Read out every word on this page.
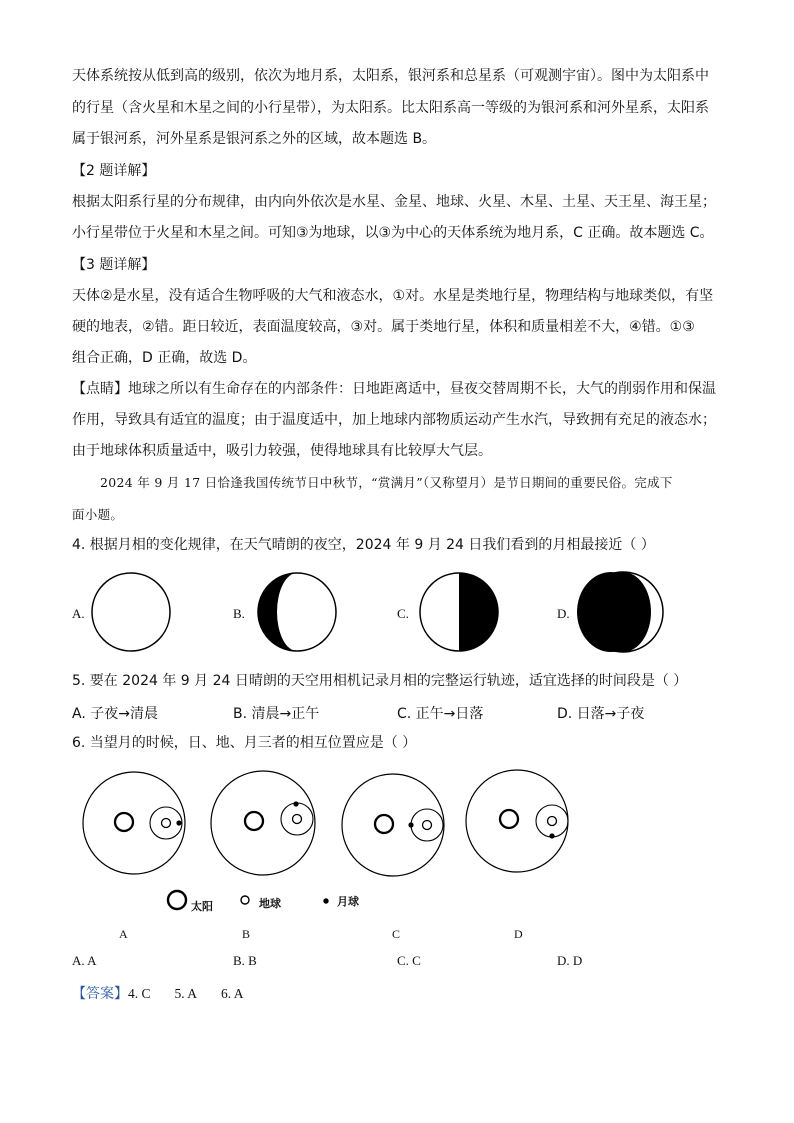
天体系统按从低到高的级别，依次为地月系，太阳系，银河系和总星系（可观测宇宙）。图中为太阳系中
的行星（含火星和木星之间的小行星带），为太阳系。比太阳系高一等级的为银河系和河外星系，太阳系
属于银河系，河外星系是银河系之外的区域，故本题选 B。
【2 题详解】
根据太阳系行星的分布规律，由内向外依次是水星、金星、地球、火星、木星、土星、天王星、海王星；
小行星带位于火星和木星之间。可知③为地球，以③为中心的天体系统为地月系，C 正确。故本题选 C。
【3 题详解】
天体②是水星，没有适合生物呼吸的大气和液态水，①对。水星是类地行星，物理结构与地球类似，有坚
硬的地表，②错。距日较近，表面温度较高，③对。属于类地行星，体积和质量相差不大，④错。①③
组合正确，D 正确，故选 D。
【点睛】地球之所以有生命存在的内部条件：日地距离适中，昼夜交替周期不长，大气的削弱作用和保温
作用，导致具有适宜的温度；由于温度适中，加上地球内部物质运动产生水汽，导致拥有充足的液态水；
由于地球体积质量适中，吸引力较强，使得地球具有比较厚大气层。
2024 年 9 月 17 日恰逢我国传统节日中秋节，“赏满月”（又称望月）是节日期间的重要民俗。完成下
面小题。
4. 根据月相的变化规律，在天气晴朗的夜空，2024 年 9 月 24 日我们看到的月相最接近（ ）
A.	B.	C.	D.
5. 要在 2024 年 9 月 24 日晴朗的天空用相机记录月相的完整运行轨迹，适宜选择的时间段是（ ）
A. 子夜→清晨	B. 清晨→正午	C. 正午→日落	D. 日落→子夜
6. 当望月的时候，日、地、月三者的相互位置应是（ ）
太阳	地球	月球
A	B	C	D
A. A	B. B	C. C	D. D
【答案】4. C 5. A 6. A
